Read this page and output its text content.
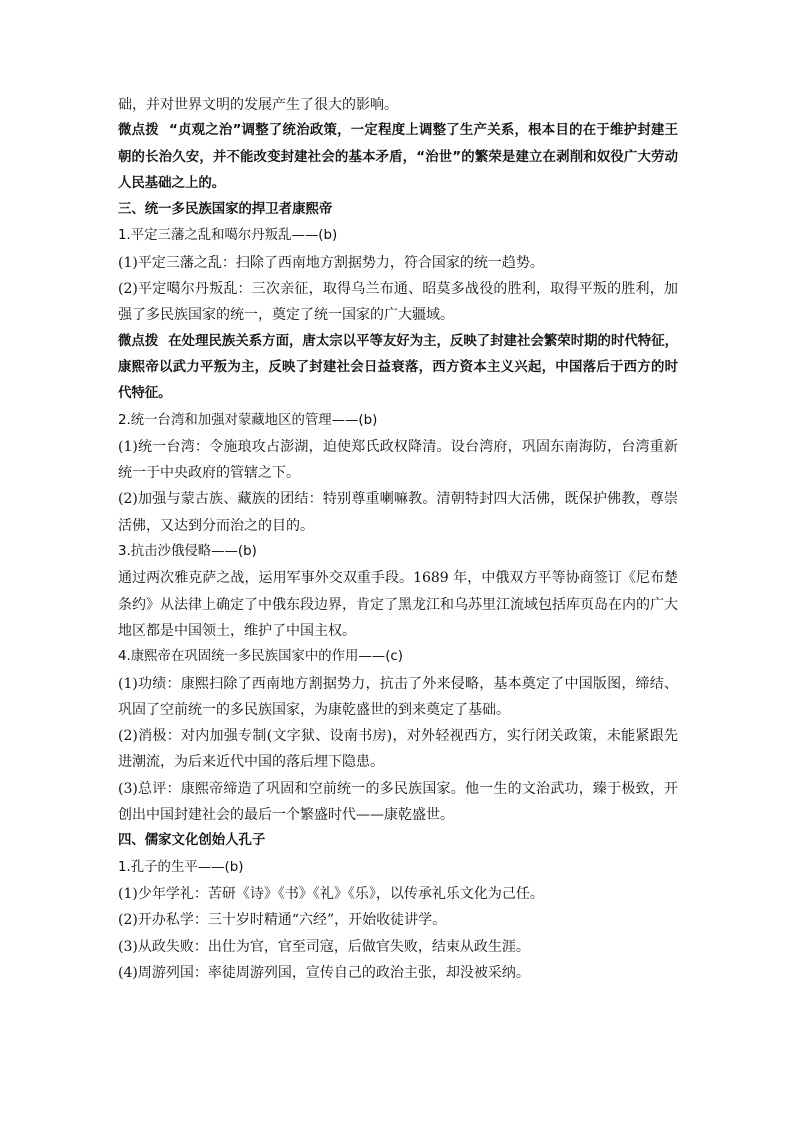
础，并对世界文明的发展产生了很大的影响。

微点拨 “贞观之治”调整了统治政策，一定程度上调整了生产关系，根本目的在于维护封建王朝的长治久安，并不能改变封建社会的基本矛盾，“治世”的繁荣是建立在剥削和奴役广大劳动人民基础之上的。

三、统一多民族国家的捍卫者康熙帝

1.平定三藩之乱和噶尔丹叛乱——(b)

(1)平定三藩之乱：扫除了西南地方割据势力，符合国家的统一趋势。

(2)平定噶尔丹叛乱：三次亲征，取得乌兰布通、昭莫多战役的胜利，取得平叛的胜利，加强了多民族国家的统一，奠定了统一国家的广大疆域。

微点拨 在处理民族关系方面，唐太宗以平等友好为主，反映了封建社会繁荣时期的时代特征，康熙帝以武力平叛为主，反映了封建社会日益衰落，西方资本主义兴起，中国落后于西方的时代特征。

2.统一台湾和加强对蒙藏地区的管理——(b)

(1)统一台湾：令施琅攻占澎湖，迫使郑氏政权降清。设台湾府，巩固东南海防，台湾重新统一于中央政府的管辖之下。

(2)加强与蒙古族、藏族的团结：特别尊重喇嘛教。清朝特封四大活佛，既保护佛教，尊崇活佛，又达到分而治之的目的。

3.抗击沙俄侵略——(b)

通过两次雅克萨之战，运用军事外交双重手段。1689 年，中俄双方平等协商签订《尼布楚条约》从法律上确定了中俄东段边界，肯定了黑龙江和乌苏里江流域包括库页岛在内的广大地区都是中国领土，维护了中国主权。

4.康熙帝在巩固统一多民族国家中的作用——(c)

(1)功绩：康熙扫除了西南地方割据势力，抗击了外来侵略，基本奠定了中国版图，缔结、巩固了空前统一的多民族国家，为康乾盛世的到来奠定了基础。

(2)消极：对内加强专制(文字狱、设南书房)，对外轻视西方，实行闭关政策，未能紧跟先进潮流，为后来近代中国的落后埋下隐患。

(3)总评：康熙帝缔造了巩固和空前统一的多民族国家。他一生的文治武功，臻于极致，开创出中国封建社会的最后一个繁盛时代——康乾盛世。

四、儒家文化创始人孔子

1.孔子的生平——(b)

(1)少年学礼：苦研《诗》《书》《礼》《乐》，以传承礼乐文化为己任。

(2)开办私学：三十岁时精通“六经”，开始收徒讲学。

(3)从政失败：出仕为官，官至司寇，后做官失败，结束从政生涯。

(4)周游列国：率徒周游列国，宣传自己的政治主张，却没被采纳。
